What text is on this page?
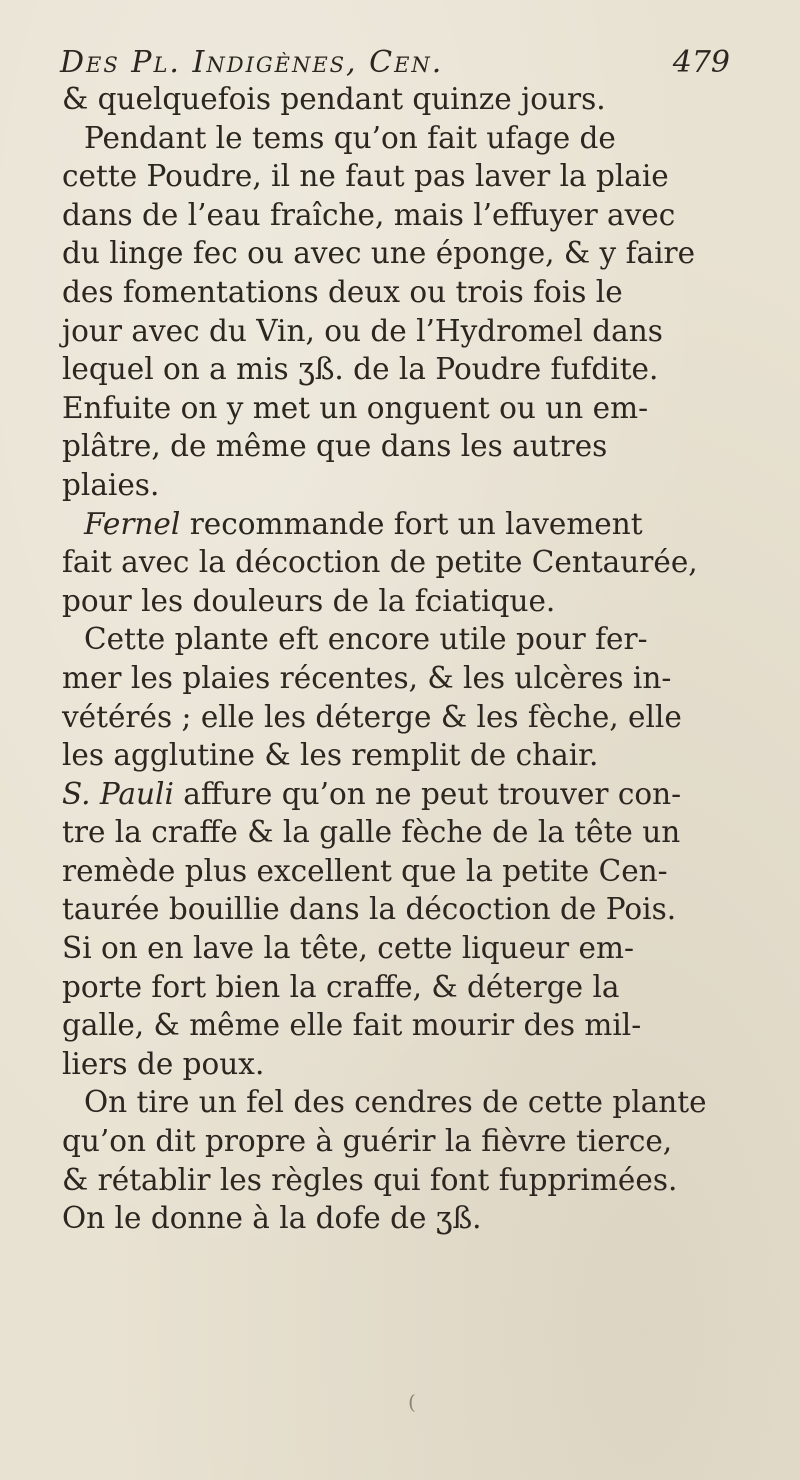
Des Pl. Indigènes, Cen.	479
& quelquefois pendant quinze jours.
Pendant le tems qu’on fait ufage de
cette Poudre, il ne faut pas laver la plaie
dans de l’eau fraîche, mais l’effuyer avec
du linge fec ou avec une éponge, & y faire
des fomentations deux ou trois fois le
jour avec du Vin, ou de l’Hydromel dans
lequel on a mis ʒß. de la Poudre fufdite.
Enfuite on y met un onguent ou un em-
plâtre, de même que dans les autres
plaies.
Fernel recommande fort un lavement
fait avec la décoction de petite Centaurée,
pour les douleurs de la fciatique.
Cette plante eft encore utile pour fer-
mer les plaies récentes, & les ulcères in-
vétérés ; elle les déterge & les fèche, elle
les agglutine & les remplit de chair.
S. Pauli affure qu’on ne peut trouver con-
tre la craffe & la galle fèche de la tête un
remède plus excellent que la petite Cen-
taurée bouillie dans la décoction de Pois.
Si on en lave la tête, cette liqueur em-
porte fort bien la craffe, & déterge la
galle, & même elle fait mourir des mil-
liers de poux.
On tire un fel des cendres de cette plante
qu’on dit propre à guérir la fièvre tierce,
& rétablir les règles qui font fupprimées.
On le donne à la dofe de ʒß.
(
